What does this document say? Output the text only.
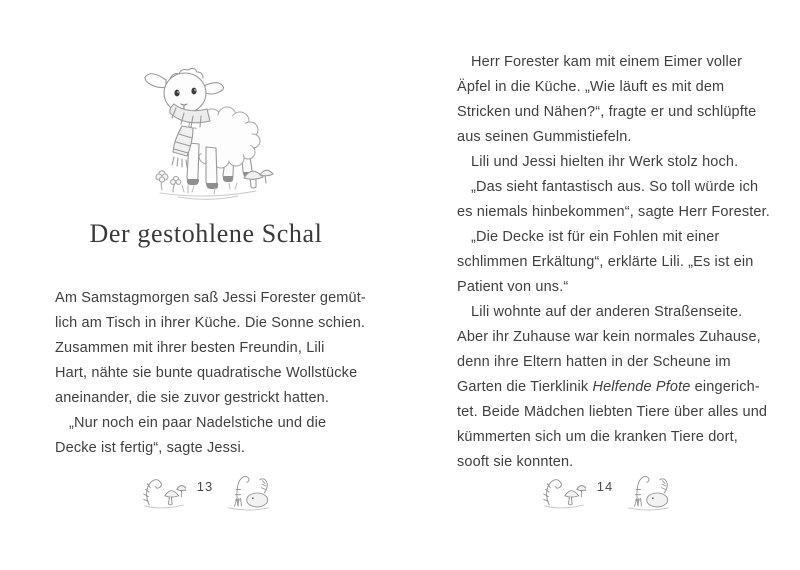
Der gestohlene Schal
Am Samstagmorgen saß Jessi Forester gemüt-
lich am Tisch in ihrer Küche. Die Sonne schien.
Zusammen mit ihrer besten Freundin, Lili
Hart, nähte sie bunte quadratische Wollstücke
aneinander, die sie zuvor gestrickt hatten.
„Nur noch ein paar Nadelstiche und die
Decke ist fertig“, sagte Jessi.
13
Herr Forester kam mit einem Eimer voller
Äpfel in die Küche. „Wie läuft es mit dem
Stricken und Nähen?“, fragte er und schlüpfte
aus seinen Gummistiefeln.
Lili und Jessi hielten ihr Werk stolz hoch.
„Das sieht fantastisch aus. So toll würde ich
es niemals hinbekommen“, sagte Herr Forester.
„Die Decke ist für ein Fohlen mit einer
schlimmen Erkältung“, erklärte Lili. „Es ist ein
Patient von uns.“
Lili wohnte auf der anderen Straßenseite.
Aber ihr Zuhause war kein normales Zuhause,
denn ihre Eltern hatten in der Scheune im
Garten die Tierklinik Helfende Pfote eingerich-
tet. Beide Mädchen liebten Tiere über alles und
kümmerten sich um die kranken Tiere dort,
sooft sie konnten.
14
